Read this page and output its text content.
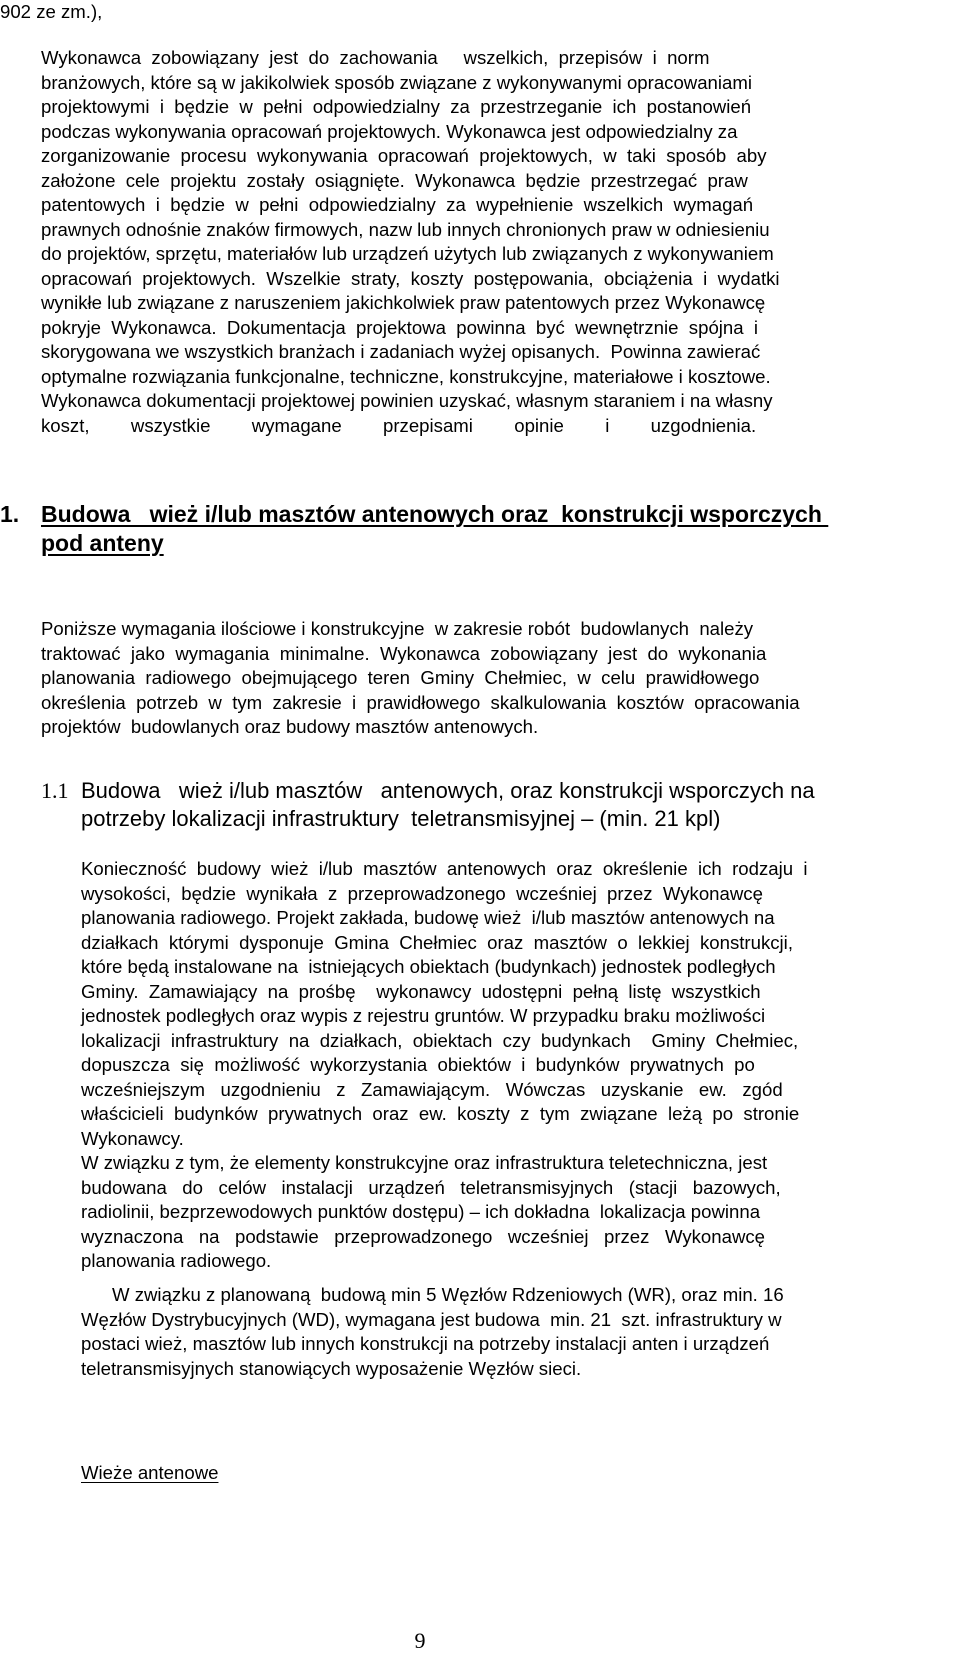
902 ze zm.),
Wykonawca  zobowiązany  jest  do  zachowania     wszelkich,  przepisów  i  norm
branżowych, które są w jakikolwiek sposób związane z wykonywanymi opracowaniami
projektowymi  i  będzie  w  pełni  odpowiedzialny  za  przestrzeganie  ich  postanowień
podczas wykonywania opracowań projektowych. Wykonawca jest odpowiedzialny za
zorganizowanie  procesu  wykonywania  opracowań  projektowych,  w  taki  sposób  aby
założone  cele  projektu  zostały  osiągnięte.  Wykonawca  będzie  przestrzegać  praw
patentowych  i  będzie  w  pełni  odpowiedzialny  za  wypełnienie  wszelkich  wymagań
prawnych odnośnie znaków firmowych, nazw lub innych chronionych praw w odniesieniu
do projektów, sprzętu, materiałów lub urządzeń użytych lub związanych z wykonywaniem
opracowań  projektowych.  Wszelkie  straty,  koszty  postępowania,  obciążenia  i  wydatki
wynikłe lub związane z naruszeniem jakichkolwiek praw patentowych przez Wykonawcę
pokryje  Wykonawca.  Dokumentacja  projektowa  powinna  być  wewnętrznie  spójna  i
skorygowana we wszystkich branżach i zadaniach wyżej opisanych.  Powinna zawierać
optymalne rozwiązania funkcjonalne, techniczne, konstrukcyjne, materiałowe i kosztowe.
Wykonawca dokumentacji projektowej powinien uzyskać, własnym staraniem i na własny
koszt,        wszystkie        wymagane        przepisami        opinie        i        uzgodnienia.
1. Budowa   wież i/lub masztów antenowych oraz  konstrukcji wsporczych
pod anteny
Poniższe wymagania ilościowe i konstrukcyjne  w zakresie robót  budowlanych  należy
traktować  jako  wymagania  minimalne.  Wykonawca  zobowiązany  jest  do  wykonania
planowania  radiowego  obejmującego  teren  Gminy  Chełmiec,  w  celu  prawidłowego
określenia  potrzeb  w  tym  zakresie  i  prawidłowego  skalkulowania  kosztów  opracowania
projektów  budowlanych oraz budowy masztów antenowych.
1.1 Budowa   wież i/lub masztów   antenowych, oraz konstrukcji wsporczych na
potrzeby lokalizacji infrastruktury  teletransmisyjnej – (min. 21 kpl)
Konieczność  budowy  wież  i/lub  masztów  antenowych  oraz  określenie  ich  rodzaju  i
wysokości,  będzie  wynikała  z  przeprowadzonego  wcześniej  przez  Wykonawcę
planowania radiowego. Projekt zakłada, budowę wież  i/lub masztów antenowych na
działkach  którymi  dysponuje  Gmina  Chełmiec  oraz  masztów  o  lekkiej  konstrukcji,
które będą instalowane na  istniejących obiektach (budynkach) jednostek podległych
Gminy.  Zamawiający  na  prośbę    wykonawcy  udostępni  pełną  listę  wszystkich
jednostek podległych oraz wypis z rejestru gruntów. W przypadku braku możliwości
lokalizacji  infrastruktury  na  działkach,  obiektach  czy  budynkach    Gminy  Chełmiec,
dopuszcza  się  możliwość  wykorzystania  obiektów  i  budynków  prywatnych  po
wcześniejszym   uzgodnieniu   z   Zamawiającym.   Wówczas   uzyskanie   ew.   zgód
właścicieli  budynków  prywatnych  oraz  ew.  koszty  z  tym  związane  leżą  po  stronie
Wykonawcy.
W związku z tym, że elementy konstrukcyjne oraz infrastruktura teletechniczna, jest
budowana   do   celów   instalacji   urządzeń   teletransmisyjnych   (stacji   bazowych,
radiolinii, bezprzewodowych punktów dostępu) – ich dokładna  lokalizacja powinna
wyznaczona   na   podstawie   przeprowadzonego   wcześniej   przez   Wykonawcę
planowania radiowego.
W związku z planowaną  budową min 5 Węzłów Rdzeniowych (WR), oraz min. 16
Węzłów Dystrybucyjnych (WD), wymagana jest budowa  min. 21  szt. infrastruktury w
postaci wież, masztów lub innych konstrukcji na potrzeby instalacji anten i urządzeń
teletransmisyjnych stanowiących wyposażenie Węzłów sieci.
Wieże antenowe
9
